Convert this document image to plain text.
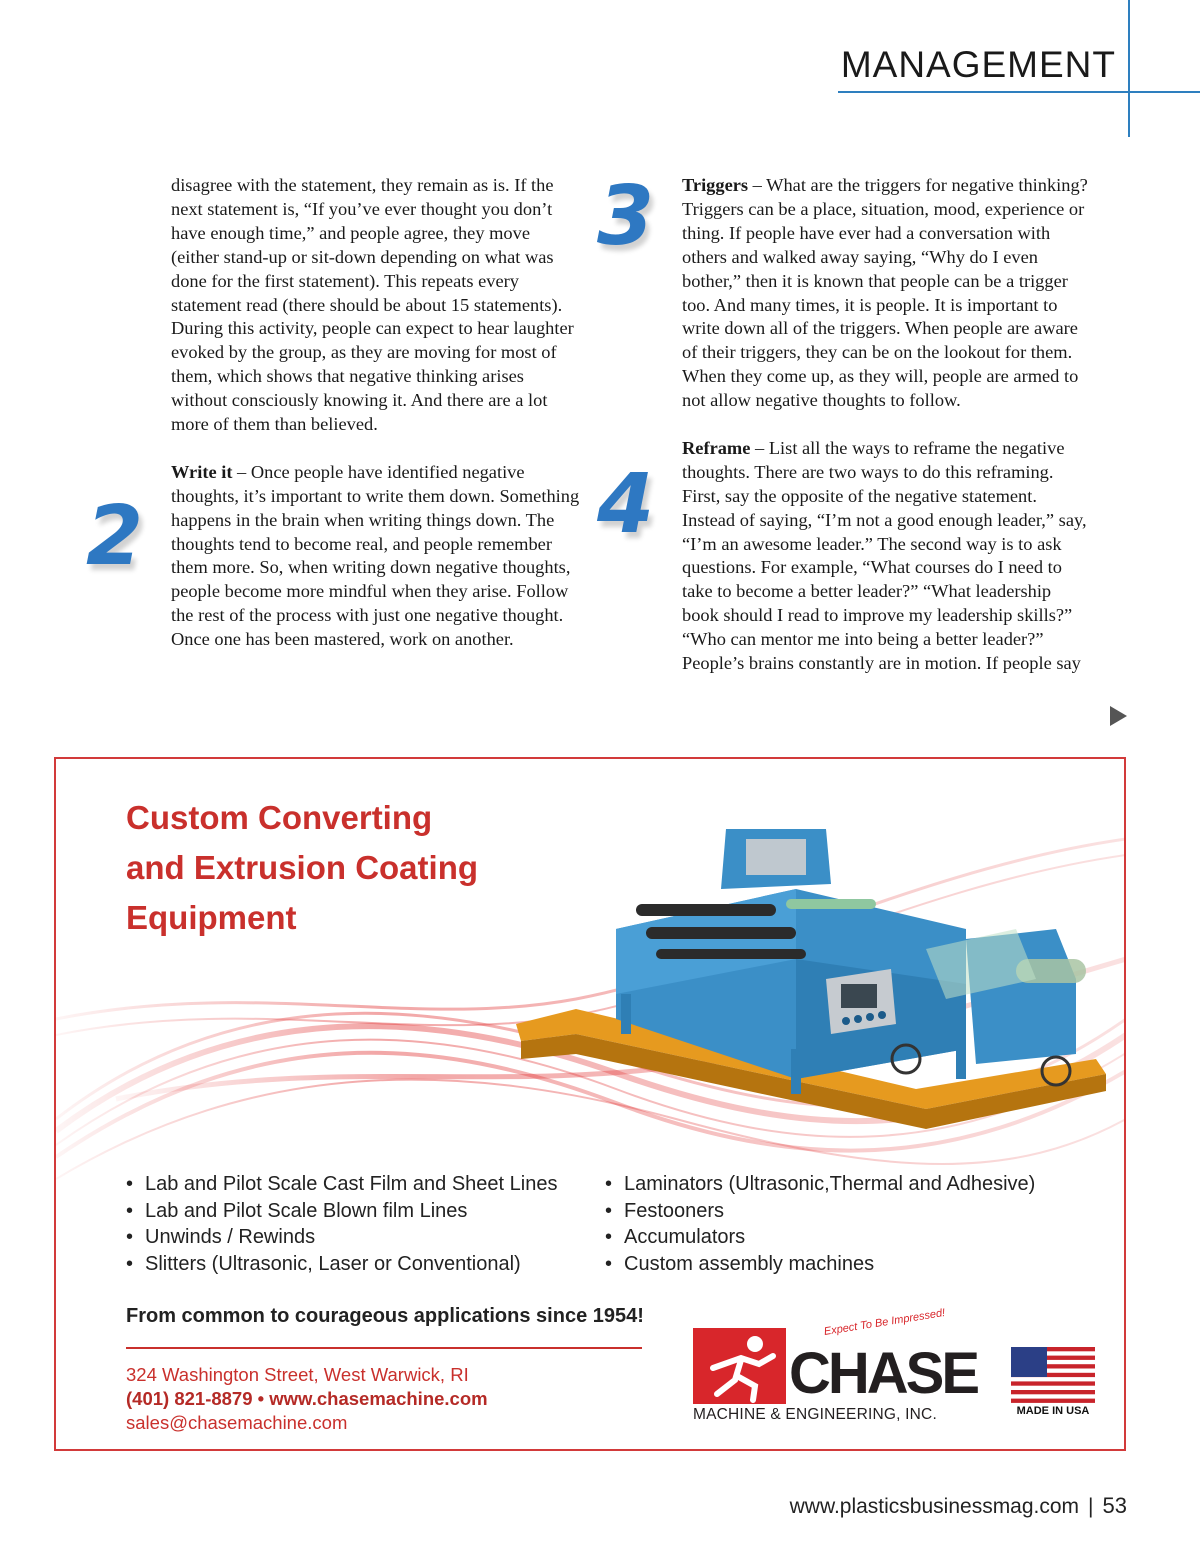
MANAGEMENT
2
3
4

disagree with the statement, they remain as is. If the next statement is, “If you’ve ever thought you don’t have enough time,” and people agree, they move (either stand-up or sit-down depending on what was done for the first statement). This repeats every statement read (there should be about 15 statements). During this activity, people can expect to hear laughter evoked by the group, as they are moving for most of them, which shows that negative thinking arises without consciously knowing it. And there are a lot more of them than believed.

Write it – Once people have identified negative thoughts, it’s important to write them down. Something happens in the brain when writing things down. The thoughts tend to become real, and people remember them more. So, when writing down negative thoughts, people become more mindful when they arise. Follow the rest of the process with just one negative thought. Once one has been mastered, work on another.

Triggers – What are the triggers for negative thinking? Triggers can be a place, situation, mood, experience or thing. If people have ever had a conversation with others and walked away saying, “Why do I even bother,” then it is known that people can be a trigger too. And many times, it is people. It is important to write down all of the triggers. When people are aware of their triggers, they can be on the lookout for them. When they come up, as they will, people are armed to not allow negative thoughts to follow.

Reframe – List all the ways to reframe the negative thoughts. There are two ways to do this reframing. First, say the opposite of the negative statement. Instead of saying, “I’m not a good enough leader,” say, “I’m an awesome leader.” The second way is to ask questions. For example, “What courses do I need to take to become a better leader?” “What leadership book should I read to improve my leadership skills?” “Who can mentor me into being a better leader?” People’s brains constantly are in motion. If people say

Custom Converting
and Extrusion Coating
Equipment
• Lab and Pilot Scale Cast Film and Sheet Lines
• Lab and Pilot Scale Blown film Lines
• Unwinds / Rewinds
• Slitters (Ultrasonic, Laser or Conventional)
• Laminators (Ultrasonic,Thermal and Adhesive)
• Festooners
• Accumulators
• Custom assembly machines

From common to courageous applications since 1954!

324 Washington Street, West Warwick, RI
(401) 821-8879 • www.chasemachine.com
sales@chasemachine.com
Expect To Be Impressed!
CHASE
MACHINE & ENGINEERING, INC.	MADE IN USA
www.plasticsbusinessmag.com | 53
